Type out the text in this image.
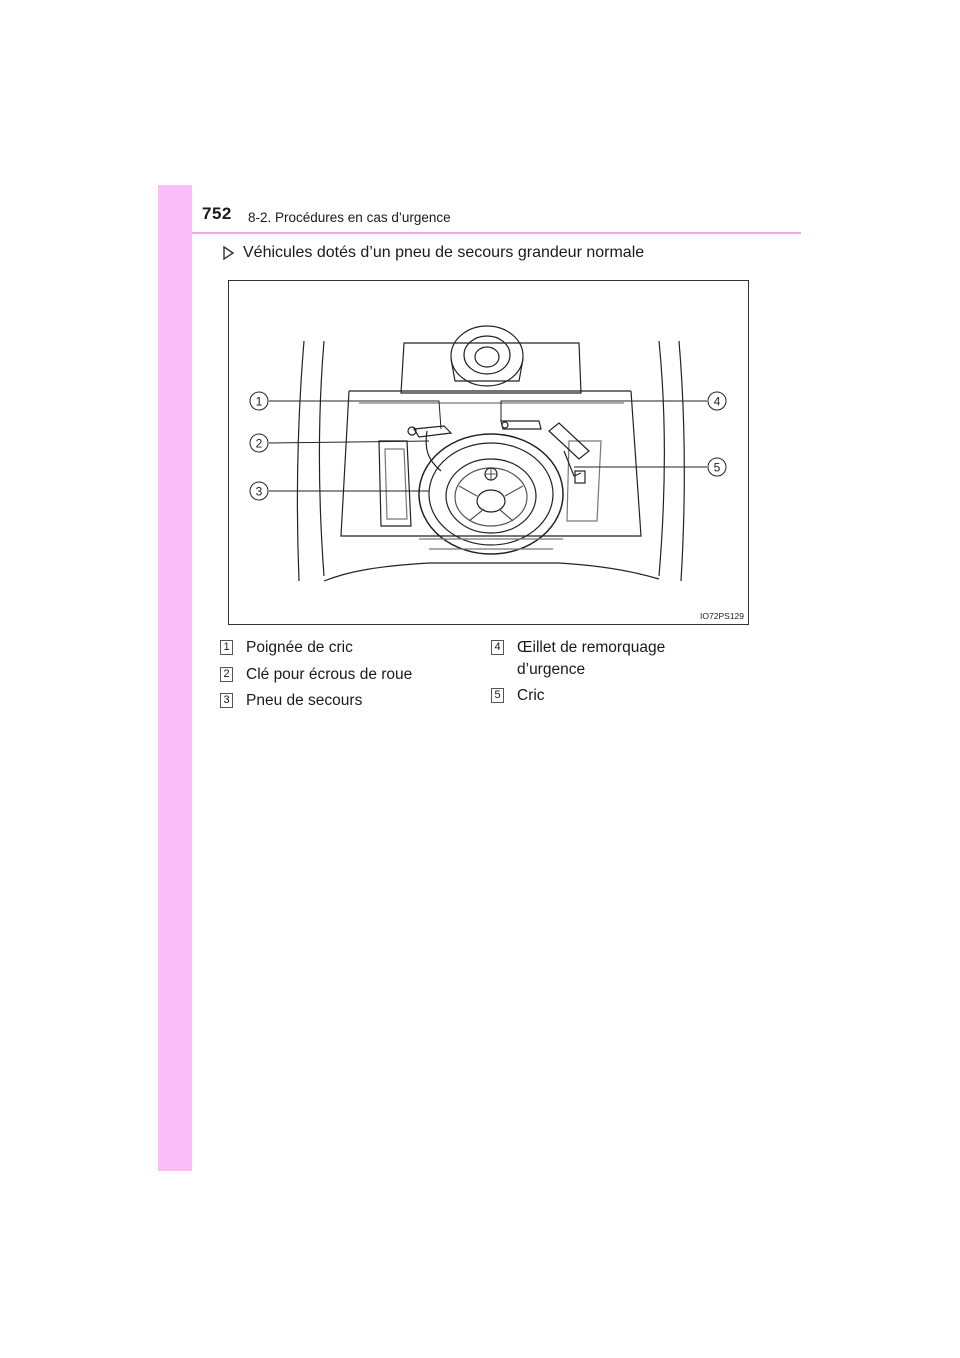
752 8-2. Procédures en cas d’urgence
Véhicules dotés d’un pneu de secours grandeur normale
1
2
3
4
5
IO72PS129
1 Poignée de cric
2 Clé pour écrous de roue
3 Pneu de secours
4 Œillet de remorquage
d’urgence
5 Cric
